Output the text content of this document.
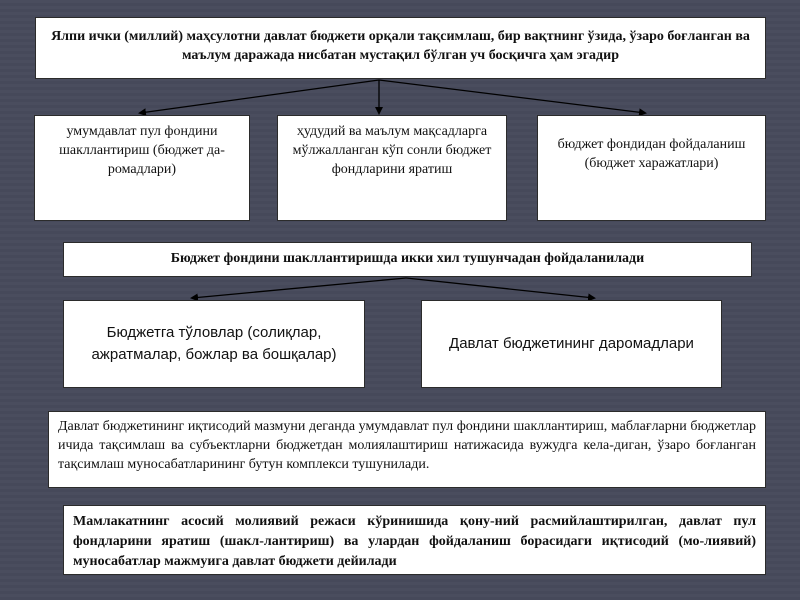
Ялпи ички (миллий) маҳсулотни давлат бюджети орқали тақсимлаш, бир вақтнинг ўзида, ўзаро боғланган ва маълум даражада нисбатан мустақил бўлган уч босқичга ҳам эгадир
умумдавлат пул фондини шакллантириш (бюджет да-ромадлари)
ҳудудий ва маълум мақсадларга мўлжалланган кўп сонли бюджет фондларини яратиш
бюджет фондидан фойдаланиш (бюджет харажатлари)
Бюджет фондини шакллантиришда икки хил тушунчадан фойдаланилади
Бюджетга тўловлар (солиқлар, ажратмалар, божлар ва бошқалар)
Давлат бюджетининг даромадлари
Давлат бюджетининг иқтисодий мазмуни деганда умумдавлат пул фондини шакллантириш, маблағларни бюджетлар ичида тақсимлаш ва субъектларни бюджетдан молиялаштириш натижасида вужудга кела-диган, ўзаро боғланган тақсимлаш муносабатларининг бутун комплекси тушунилади.
Мамлакатнинг асосий молиявий режаси кўринишида қону-ний расмийлаштирилган, давлат пул фондларини яратиш (шакл-лантириш) ва улардан фойдаланиш борасидаги иқтисодий (мо-лиявий) муносабатлар мажмуига давлат бюджети дейилади
